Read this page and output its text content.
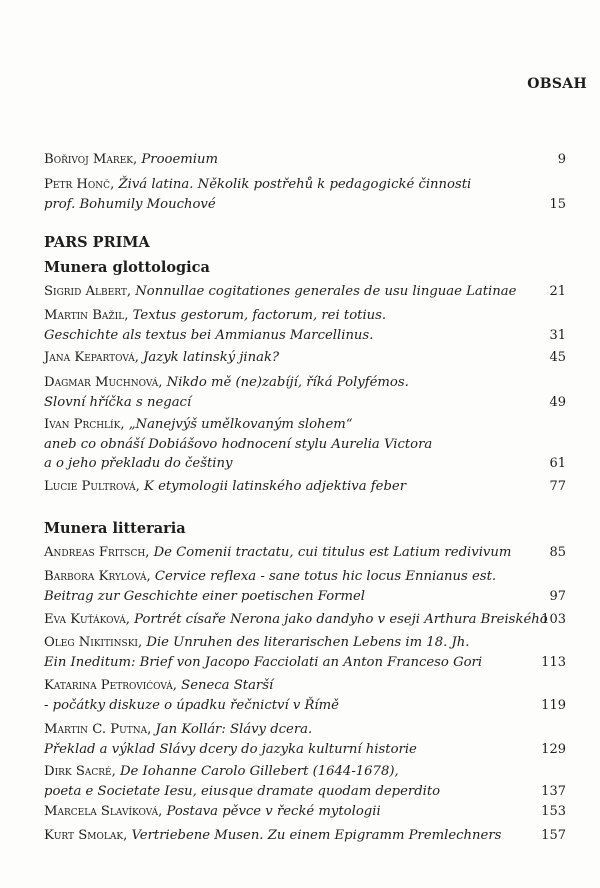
OBSAH
PARS PRIMA
Munera glottologica
Munera litteraria
Bořivoj Marek, Prooemium	9
Petr Honč, Živá latina. Několik postřehů k pedagogické činnosti
prof. Bohumily Mouchové	15
Sigrid Albert, Nonnullae cogitationes generales de usu linguae Latinae	21
Martin Bažil, Textus gestorum, factorum, rei totius.
Geschichte als textus bei Ammianus Marcellinus.	31
Jana Kepartová, Jazyk latinský jinak?	45
Dagmar Muchnová, Nikdo mě (ne)zabíjí, říká Polyfémos.
Slovní hříčka s negací	49
Ivan Prchlík, „Nanejvýš umělkovaným slohem“
aneb co obnáší Dobiášovo hodnocení stylu Aurelia Victora
a o jeho překladu do češtiny	61
Lucie Pultrová, K etymologii latinského adjektiva feber	77
Andreas Fritsch, De Comenii tractatu, cui titulus est Latium redivivum	85
Barbora Krylová, Cervice reflexa - sane totus hic locus Ennianus est.
Beitrag zur Geschichte einer poetischen Formel	97
Eva Kuťáková, Portrét císaře Nerona jako dandyho v eseji Arthura Breiského
103
Oleg Nikitinski, Die Unruhen des literarischen Lebens im 18. Jh.
Ein Ineditum: Brief von Jacopo Facciolati an Anton Franceso Gori	113
Katarina Petrovićová, Seneca Starší
- počátky diskuze o úpadku řečnictví v Římě	119
Martin C. Putna, Jan Kollár: Slávy dcera.
Překlad a výklad Slávy dcery do jazyka kulturní historie	129
Dirk Sacré, De Iohanne Carolo Gillebert (1644-1678),
poeta e Societate Iesu, eiusque dramate quodam deperdito	137
Marcela Slavíková, Postava pěvce v řecké mytologii	153
Kurt Smolak, Vertriebene Musen. Zu einem Epigramm Premlechners	157
